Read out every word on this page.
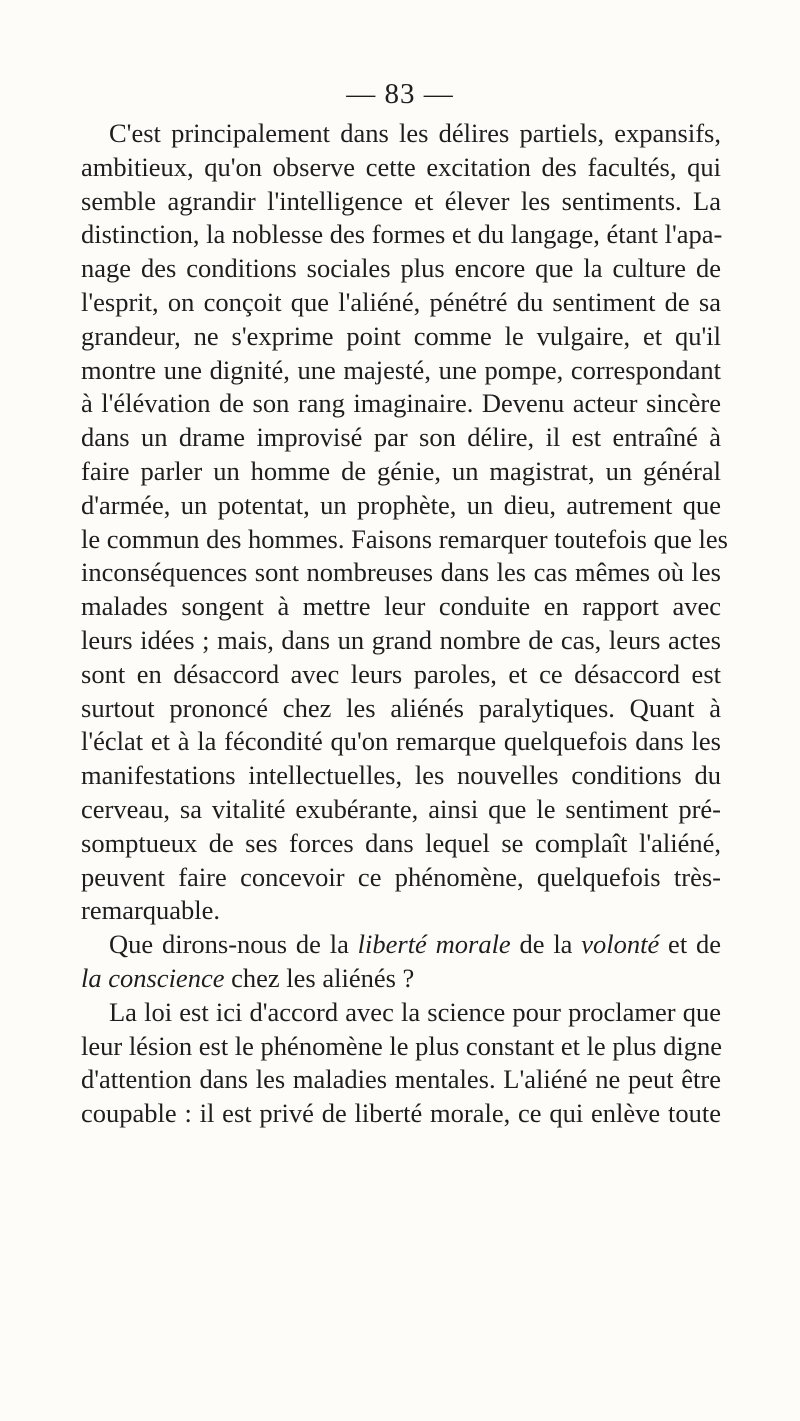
— 83 —
C'est principalement dans les délires partiels, expansifs,
ambitieux, qu'on observe cette excitation des facultés, qui
semble agrandir l'intelligence et élever les sentiments. La
distinction, la noblesse des formes et du langage, étant l'apa-
nage des conditions sociales plus encore que la culture de
l'esprit, on conçoit que l'aliéné, pénétré du sentiment de sa
grandeur, ne s'exprime point comme le vulgaire, et qu'il
montre une dignité, une majesté, une pompe, correspondant
à l'élévation de son rang imaginaire. Devenu acteur sincère
dans un drame improvisé par son délire, il est entraîné à
faire parler un homme de génie, un magistrat, un général
d'armée, un potentat, un prophète, un dieu, autrement que
le commun des hommes. Faisons remarquer toutefois que les
inconséquences sont nombreuses dans les cas mêmes où les
malades songent à mettre leur conduite en rapport avec
leurs idées ; mais, dans un grand nombre de cas, leurs actes
sont en désaccord avec leurs paroles, et ce désaccord est
surtout prononcé chez les aliénés paralytiques. Quant à
l'éclat et à la fécondité qu'on remarque quelquefois dans les
manifestations intellectuelles, les nouvelles conditions du
cerveau, sa vitalité exubérante, ainsi que le sentiment pré-
somptueux de ses forces dans lequel se complaît l'aliéné,
peuvent faire concevoir ce phénomène, quelquefois très-
remarquable.
Que dirons-nous de la liberté morale de la volonté et de
la conscience chez les aliénés ?
La loi est ici d'accord avec la science pour proclamer que
leur lésion est le phénomène le plus constant et le plus digne
d'attention dans les maladies mentales. L'aliéné ne peut être
coupable : il est privé de liberté morale, ce qui enlève toute
